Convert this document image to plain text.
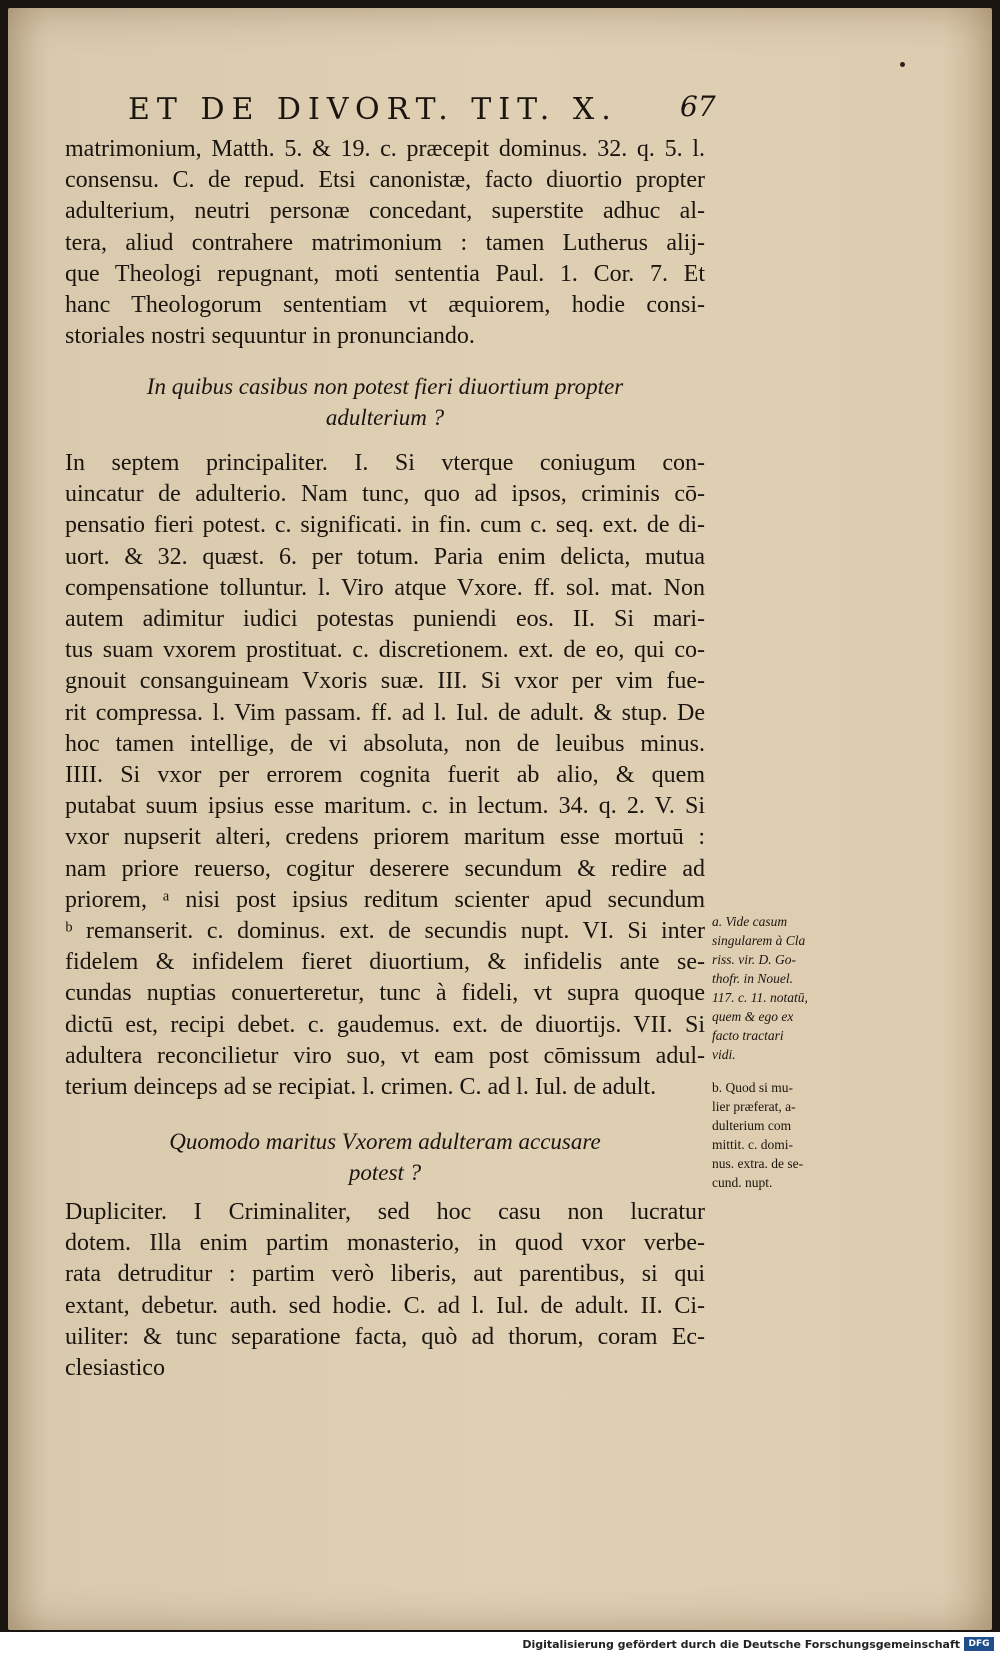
ET DE DIVORT. TIT. X. 67
matrimonium, Matth. 5. & 19. c. præcepit dominus. 32. q. 5. l.
consensu. C. de repud. Etsi canonistæ, facto diuortio propter
adulterium, neutri personæ concedant, superstite adhuc al-
tera, aliud contrahere matrimonium : tamen Lutherus alij-
que Theologi repugnant, moti sententia Paul. 1. Cor. 7. Et
hanc Theologorum sententiam vt æquiorem, hodie consi-
storiales nostri sequuntur in pronunciando.
In quibus casibus non potest fieri diuortium propter
adulterium ?
In septem principaliter. I. Si vterque coniugum con-
uincatur de adulterio. Nam tunc, quo ad ipsos, criminis cō-
pensatio fieri potest. c. significati. in fin. cum c. seq. ext. de di-
uort. & 32. quæst. 6. per totum. Paria enim delicta, mutua
compensatione tolluntur. l. Viro atque Vxore. ff. sol. mat. Non
autem adimitur iudici potestas puniendi eos. II. Si mari-
tus suam vxorem prostituat. c. discretionem. ext. de eo, qui co-
gnouit consanguineam Vxoris suæ. III. Si vxor per vim fue-
rit compressa. l. Vim passam. ff. ad l. Iul. de adult. & stup. De
hoc tamen intellige, de vi absoluta, non de leuibus minus.
IIII. Si vxor per errorem cognita fuerit ab alio, & quem
putabat suum ipsius esse maritum. c. in lectum. 34. q. 2. V. Si
vxor nupserit alteri, credens priorem maritum esse mortuū :
nam priore reuerso, cogitur deserere secundum & redire ad
priorem, ᵃ nisi post ipsius reditum scienter apud secundum
ᵇ remanserit. c. dominus. ext. de secundis nupt. VI. Si inter
fidelem & infidelem fieret diuortium, & infidelis ante se-
cundas nuptias conuerteretur, tunc à fideli, vt supra quoque
dictū est, recipi debet. c. gaudemus. ext. de diuortijs. VII. Si
adultera reconcilietur viro suo, vt eam post cōmissum adul-
terium deinceps ad se recipiat. l. crimen. C. ad l. Iul. de adult.
Quomodo maritus Vxorem adulteram accusare
potest ?
Dupliciter. I Criminaliter, sed hoc casu non lucratur
dotem. Illa enim partim monasterio, in quod vxor verbe-
rata detruditur : partim verò liberis, aut parentibus, si qui
extant, debetur. auth. sed hodie. C. ad l. Iul. de adult. II. Ci-
uiliter: & tunc separatione facta, quò ad thorum, coram Ec-
clesiastico
a. Vide casum
singularem à Cla
riss. vir. D. Go-
thofr. in Nouel.
117. c. 11. notatū,
quem & ego ex
facto tractari
vidi.
b. Quod si mu-
lier præferat, a-
dulterium com
mittit. c. domi-
nus. extra. de se-
cund. nupt.
Digitalisierung gefördert durch die Deutsche Forschungsgemeinschaft DFG
